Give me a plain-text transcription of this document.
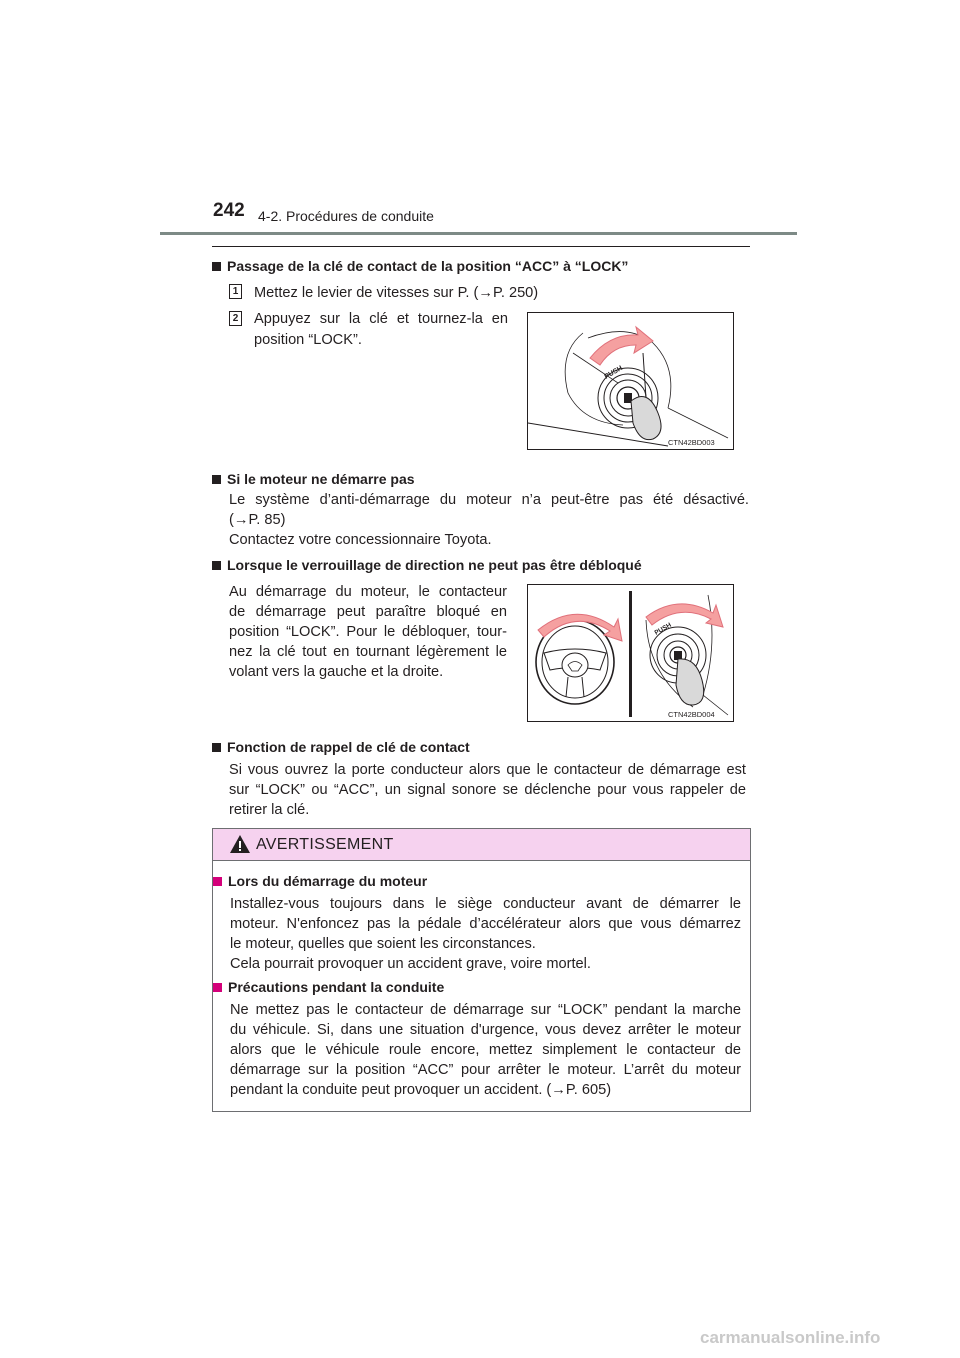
242 4-2. Procédures de conduite
Passage de la clé de contact de la position “ACC” à “LOCK”
1 Mettez le levier de vitesses sur P. (→P. 250)
2 Appuyez sur la clé et tournez-la en
position “LOCK”.
PUSH
CTN42BD003
Si le moteur ne démarre pas
Le système d’anti-démarrage du moteur n’a peut-être pas été désactivé.
(→P. 85)
Contactez votre concessionnaire Toyota.
Lorsque le verrouillage de direction ne peut pas être débloqué
Au démarrage du moteur, le contacteur
de démarrage peut paraître bloqué en
position “LOCK”. Pour le débloquer, tour-
nez la clé tout en tournant légèrement le
volant vers la gauche et la droite.
PUSH
CTN42BD004
Fonction de rappel de clé de contact
Si vous ouvrez la porte conducteur alors que le contacteur de démarrage est
sur “LOCK” ou “ACC”, un signal sonore se déclenche pour vous rappeler de
retirer la clé.
AVERTISSEMENT
Lors du démarrage du moteur
Installez-vous toujours dans le siège conducteur avant de démarrer le
moteur. N'enfoncez pas la pédale d’accélérateur alors que vous démarrez
le moteur, quelles que soient les circonstances.
Cela pourrait provoquer un accident grave, voire mortel.
Précautions pendant la conduite
Ne mettez pas le contacteur de démarrage sur “LOCK” pendant la marche
du véhicule. Si, dans une situation d'urgence, vous devez arrêter le moteur
alors que le véhicule roule encore, mettez simplement le contacteur de
démarrage sur la position “ACC” pour arrêter le moteur. L’arrêt du moteur
pendant la conduite peut provoquer un accident. (→P. 605)
carmanualsonline.info
